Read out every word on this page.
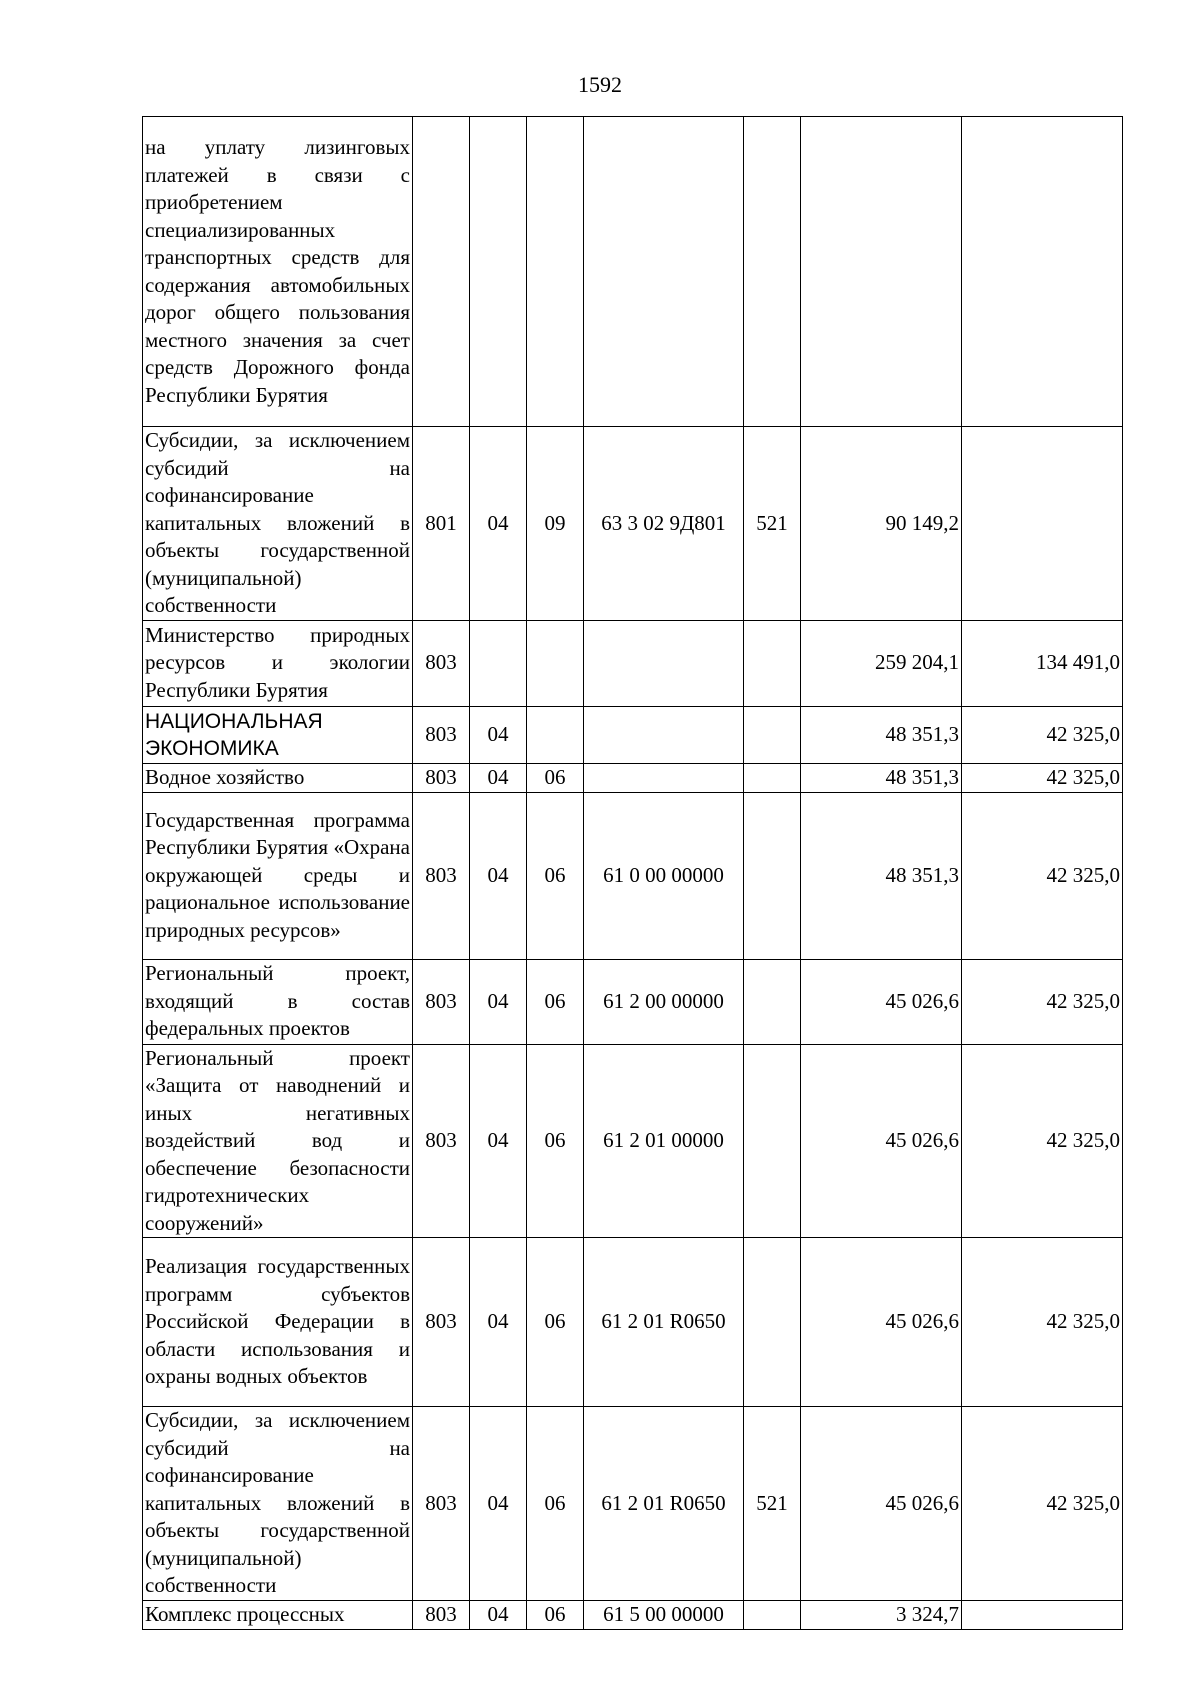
1592
на уплату лизинговых платежей в связи с приобретением специализированных транспортных средств для содержания автомобильных дорог общего пользования местного значения за счет средств Дорожного фонда Республики Бурятия							
Субсидии, за исключением субсидий на софинансирование капитальных вложений в объекты государственной (муниципальной) собственности	801	04	09	63 3 02 9Д801	521	90 149,2	
Министерство природных ресурсов и экологии Республики Бурятия	803					259 204,1	134 491,0
НАЦИОНАЛЬНАЯ ЭКОНОМИКА	803	04				48 351,3	42 325,0
Водное хозяйство	803	04	06			48 351,3	42 325,0
Государственная программа Республики Бурятия «Охрана окружающей среды и рациональное использование природных ресурсов»	803	04	06	61 0 00 00000		48 351,3	42 325,0
Региональный проект, входящий в состав федеральных проектов	803	04	06	61 2 00 00000		45 026,6	42 325,0
Региональный проект «Защита от наводнений и иных негативных воздействий вод и обеспечение безопасности гидротехнических сооружений»	803	04	06	61 2 01 00000		45 026,6	42 325,0
Реализация государственных программ субъектов Российской Федерации в области использования и охраны водных объектов	803	04	06	61 2 01 R0650		45 026,6	42 325,0
Субсидии, за исключением субсидий на софинансирование капитальных вложений в объекты государственной (муниципальной) собственности	803	04	06	61 2 01 R0650	521	45 026,6	42 325,0
Комплекс процессных	803	04	06	61 5 00 00000		3 324,7	
